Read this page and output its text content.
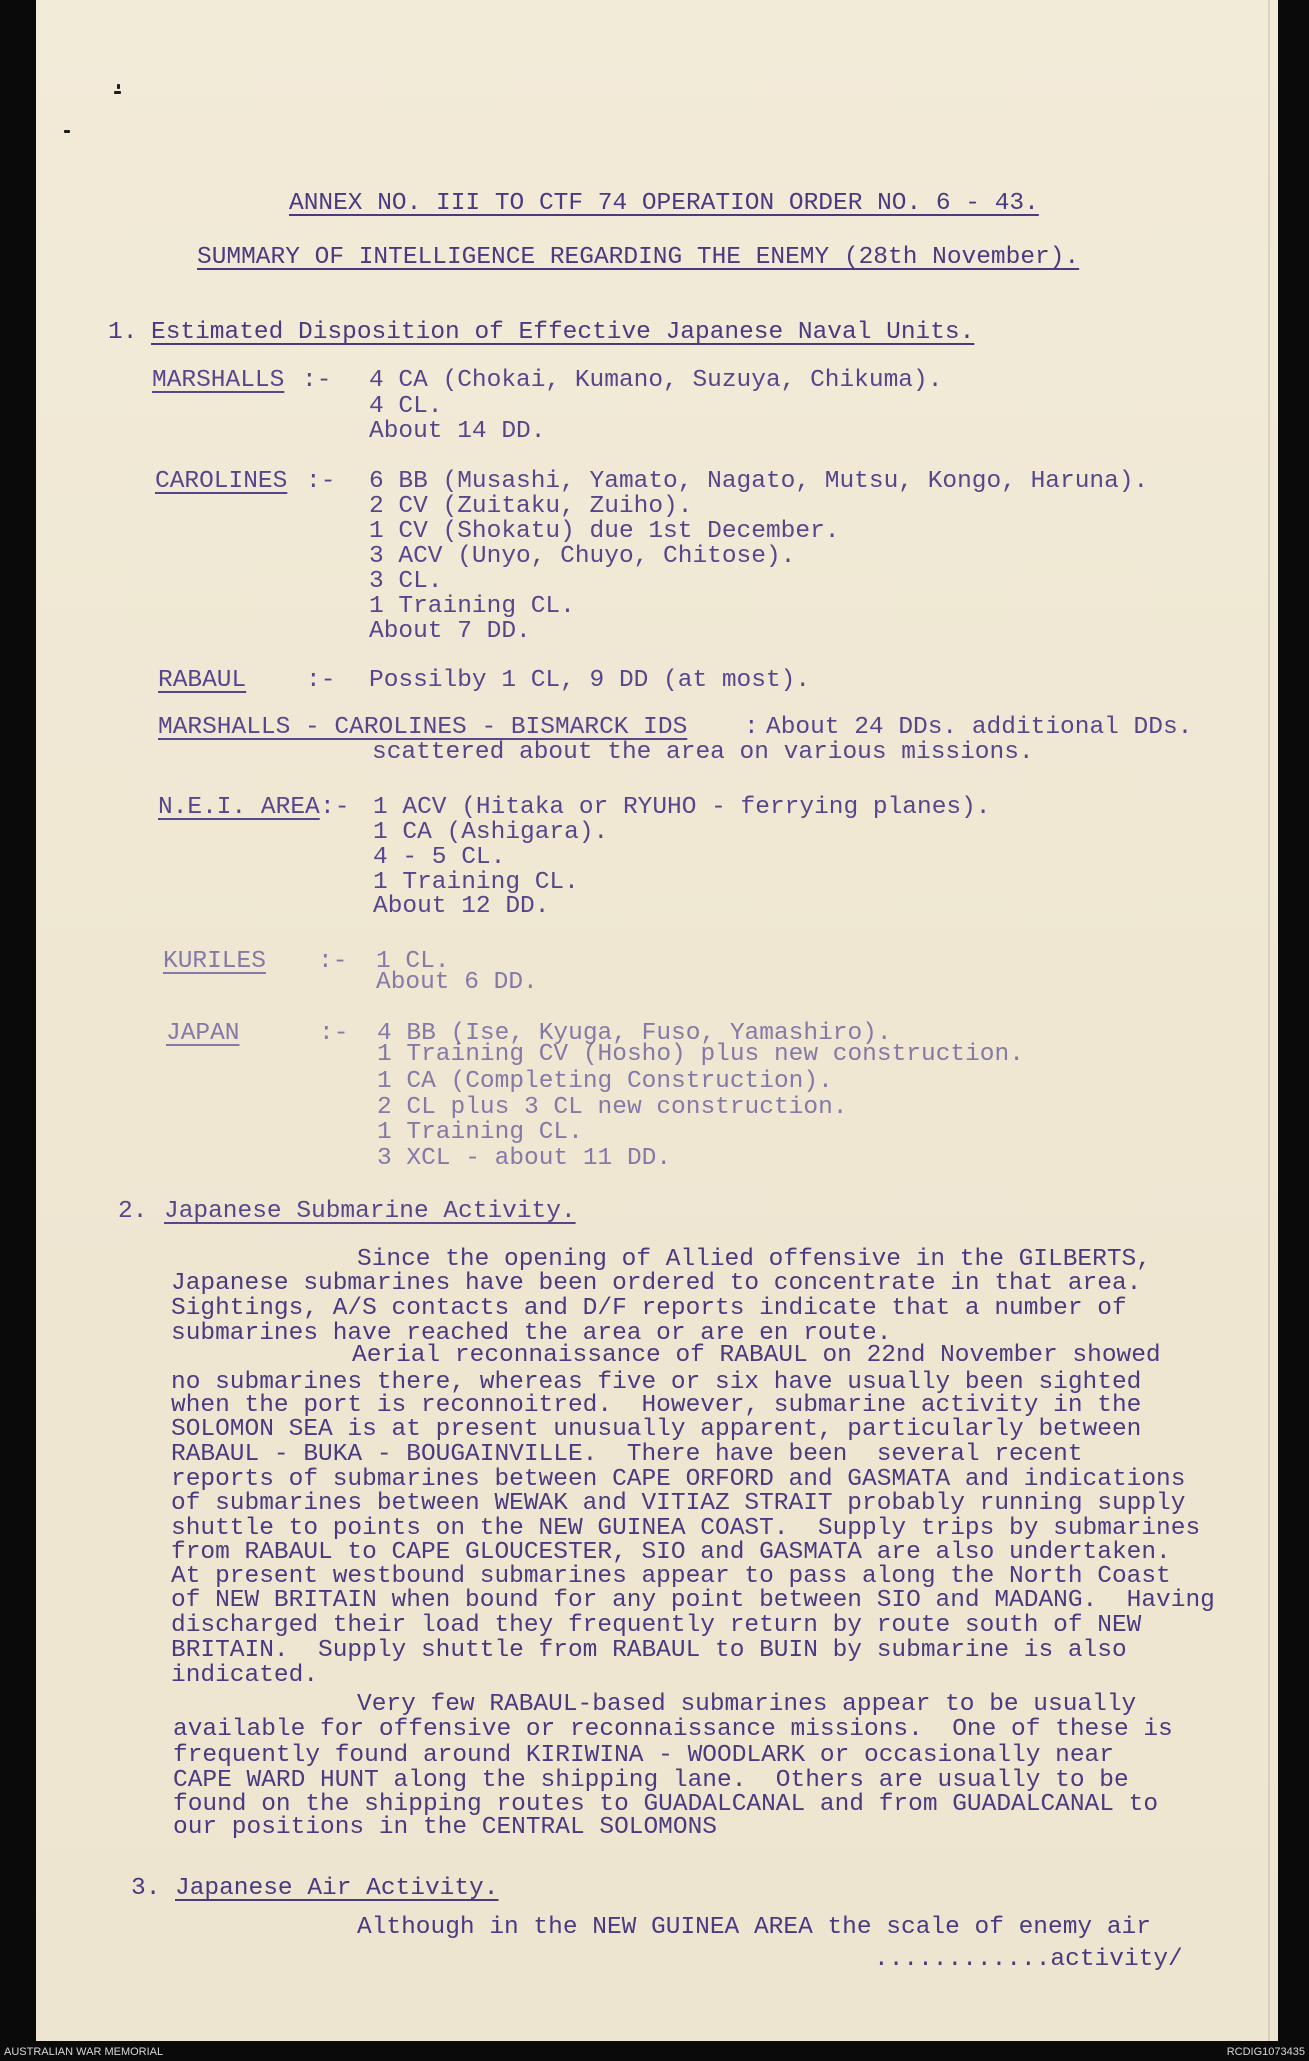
ANNEX NO. III TO CTF 74 OPERATION ORDER NO. 6 - 43.
SUMMARY OF INTELLIGENCE REGARDING THE ENEMY (28th November).
1. Estimated Disposition of Effective Japanese Naval Units.
MARSHALLS :- 4 CA (Chokai, Kumano, Suzuya, Chikuma).
4 CL.
About 14 DD.
CAROLINES :- 6 BB (Musashi, Yamato, Nagato, Mutsu, Kongo, Haruna).
2 CV (Zuitaku, Zuiho).
1 CV (Shokatu) due 1st December.
3 ACV (Unyo, Chuyo, Chitose).
3 CL.
1 Training CL.
About 7 DD.
RABAUL :- Possilby 1 CL, 9 DD (at most).
MARSHALLS - CAROLINES - BISMARCK IDS : About 24 DDs. additional DDs.
scattered about the area on various missions.
N.E.I. AREA :- 1 ACV (Hitaka or RYUHO - ferrying planes).
1 CA (Ashigara).
4 - 5 CL.
1 Training CL.
About 12 DD.
KURILES :- 1 CL.
About 6 DD.
JAPAN	:- 4 BB (Ise, Kyuga, Fuso, Yamashiro).
1 Training CV (Hosho) plus new construction.
1 CA (Completing Construction).
2 CL plus 3 CL new construction.
1 Training CL.
3 XCL - about 11 DD.
2. Japanese Submarine Activity.
Since the opening of Allied offensive in the GILBERTS,
Japanese submarines have been ordered to concentrate in that area.
Sightings, A/S contacts and D/F reports indicate that a number of
submarines have reached the area or are en route.
Aerial reconnaissance of RABAUL on 22nd November showed
no submarines there, whereas five or six have usually been sighted
when the port is reconnoitred.  However, submarine activity in the
SOLOMON SEA is at present unusually apparent, particularly between
RABAUL - BUKA - BOUGAINVILLE.  There have been  several recent
reports of submarines between CAPE ORFORD and GASMATA and indications
of submarines between WEWAK and VITIAZ STRAIT probably running supply
shuttle to points on the NEW GUINEA COAST.  Supply trips by submarines
from RABAUL to CAPE GLOUCESTER, SIO and GASMATA are also undertaken.
At present westbound submarines appear to pass along the North Coast
of NEW BRITAIN when bound for any point between SIO and MADANG.  Having
discharged their load they frequently return by route south of NEW
BRITAIN.  Supply shuttle from RABAUL to BUIN by submarine is also
indicated.
Very few RABAUL-based submarines appear to be usually
available for offensive or reconnaissance missions.  One of these is
frequently found around KIRIWINA - WOODLARK or occasionally near
CAPE WARD HUNT along the shipping lane.  Others are usually to be
found on the shipping routes to GUADALCANAL and from GUADALCANAL to
our positions in the CENTRAL SOLOMONS
3. Japanese Air Activity.
Although in the NEW GUINEA AREA the scale of enemy air
............activity/
AUSTRALIAN WAR MEMORIAL	RCDIG1073435
